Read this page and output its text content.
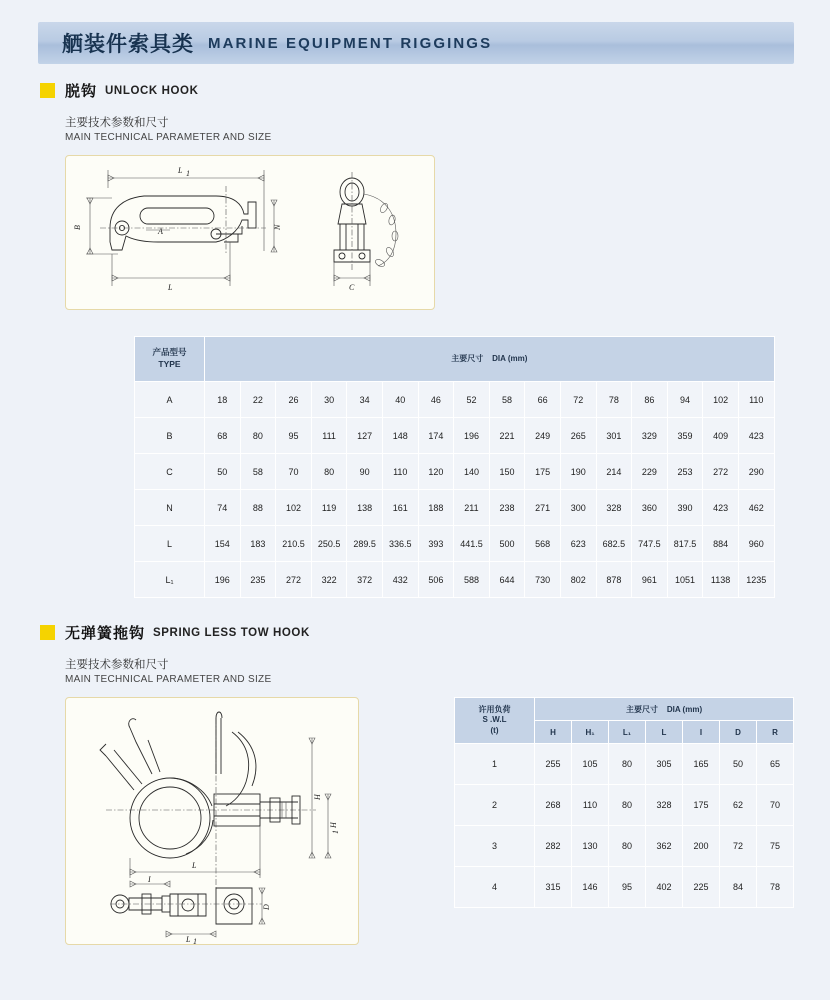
舾装件索具类 MARINE EQUIPMENT RIGGINGS
脱钩 UNLOCK HOOK
主要技术参数和尺寸
MAIN TECHNICAL PARAMETER AND SIZE
L 1
B	A
L
N
C
产品型号
TYPE	主要尺寸 DIA (mm)															
A	18	22	26	30	34	40	46	52	58	66	72	78	86	94	102	110
B	68	80	95	111	127	148	174	196	221	249	265	301	329	359	409	423
C	50	58	70	80	90	110	120	140	150	175	190	214	229	253	272	290
N	74	88	102	119	138	161	188	211	238	271	300	328	360	390	423	462
L	154	183	210.5	250.5	289.5	336.5	393	441.5	500	568	623	682.5	747.5	817.5	884	960
L₁	196	235	272	322	372	432	506	588	644	730	802	878	961	1051	1138	1235
无弹簧拖钩 SPRING LESS TOW HOOK
主要技术参数和尺寸
MAIN TECHNICAL PARAMETER AND SIZE
H
H
1
L
D
L 1
I
许用负荷
S .W.L
(t)	主要尺寸 DIA (mm)						
	H	H₁	L₁	L	I	D	R
1	255	105	80	305	165	50	65
2	268	110	80	328	175	62	70
3	282	130	80	362	200	72	75
4	315	146	95	402	225	84	78
